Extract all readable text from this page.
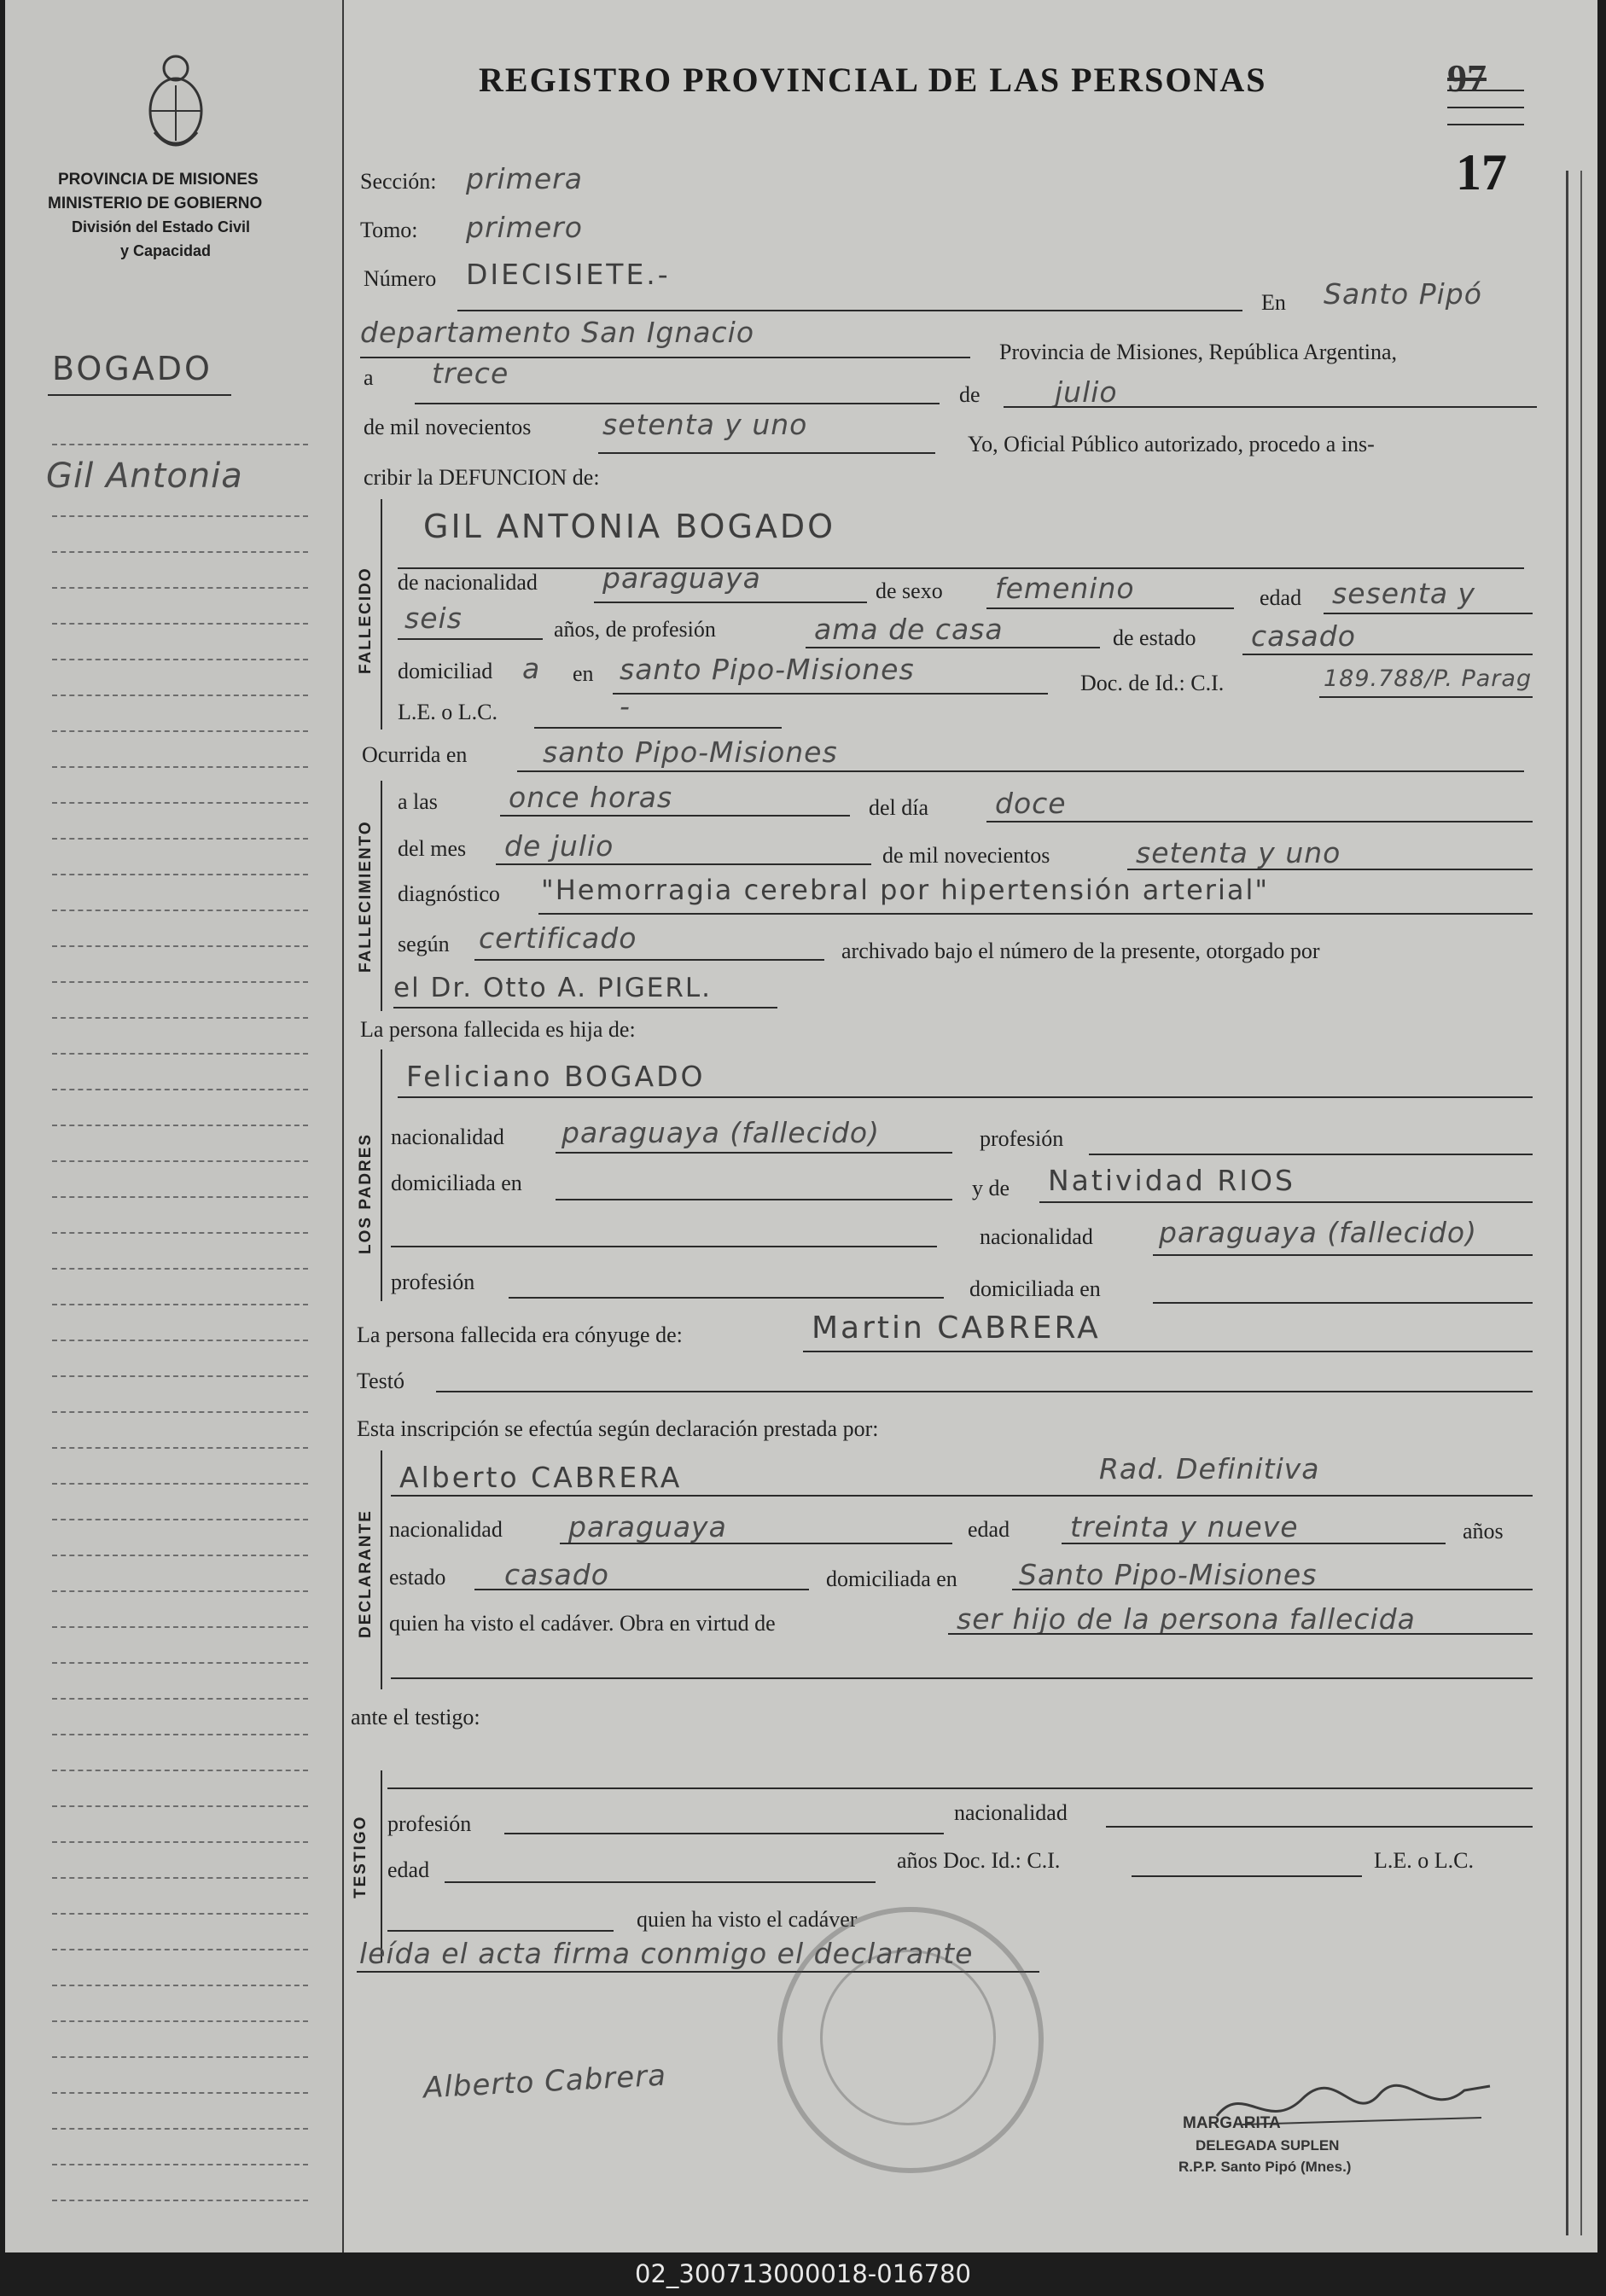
PROVINCIA DE MISIONES
MINISTERIO DE GOBIERNO
División del Estado Civil
y Capacidad
BOGADO
Gil Antonia
REGISTRO PROVINCIAL DE LAS PERSONAS	97
17
Sección: primera
Tomo: primero
Número DIECISIETE.-
En Santo Pipó
departamento San Ignacio
Provincia de Misiones, República Argentina,
a trece
de	julio
de mil novecientos	setenta y uno
Yo, Oficial Público autorizado, procedo a ins-
cribir la DEFUNCION de:
FALLECIDO
GIL ANTONIA BOGADO
de nacionalidad paraguaya	de sexo femenino	edad sesenta y
seis	años, de profesión	ama de casa	de estado casado
domiciliad a en santo Pipo-Misiones	Doc. de Id.: C.I.	189.788/P. Parag
L.E. o L.C.	-
Ocurrida en	santo Pipo-Misiones
FALLECIMIENTO
a las	once horas	del día doce
del mes de julio	de mil novecientos	setenta y uno
diagnóstico "Hemorragia cerebral por hipertensión arterial"
según certificado	archivado bajo el número de la presente, otorgado por
el Dr. Otto A. PIGERL.
La persona fallecida es hija de:
LOS PADRES
Feliciano BOGADO
nacionalidad paraguaya (fallecido)	profesión
domiciliada en	y de Natividad RIOS
nacionalidad paraguaya (fallecido)
profesión	domiciliada en
La persona fallecida era cónyuge de:	Martin CABRERA
Testó
Esta inscripción se efectúa según declaración prestada por:
DECLARANTE
Alberto CABRERA	Rad. Definitiva
nacionalidad paraguaya	edad treinta y nueve	años
estado casado	domiciliada en Santo Pipo-Misiones
quien ha visto el cadáver. Obra en virtud de	ser hijo de la persona fallecida
ante el testigo:
TESTIGO profesión	nacionalidad
edad	años Doc. Id.: C.I.	L.E. o L.C.
quien ha visto el cadáver
leída el acta firma conmigo el declarante
Alberto Cabrera
MARGARITA
DELEGADA SUPLEN
R.P.P. Santo Pipó (Mnes.)
02_300713000018-016780
